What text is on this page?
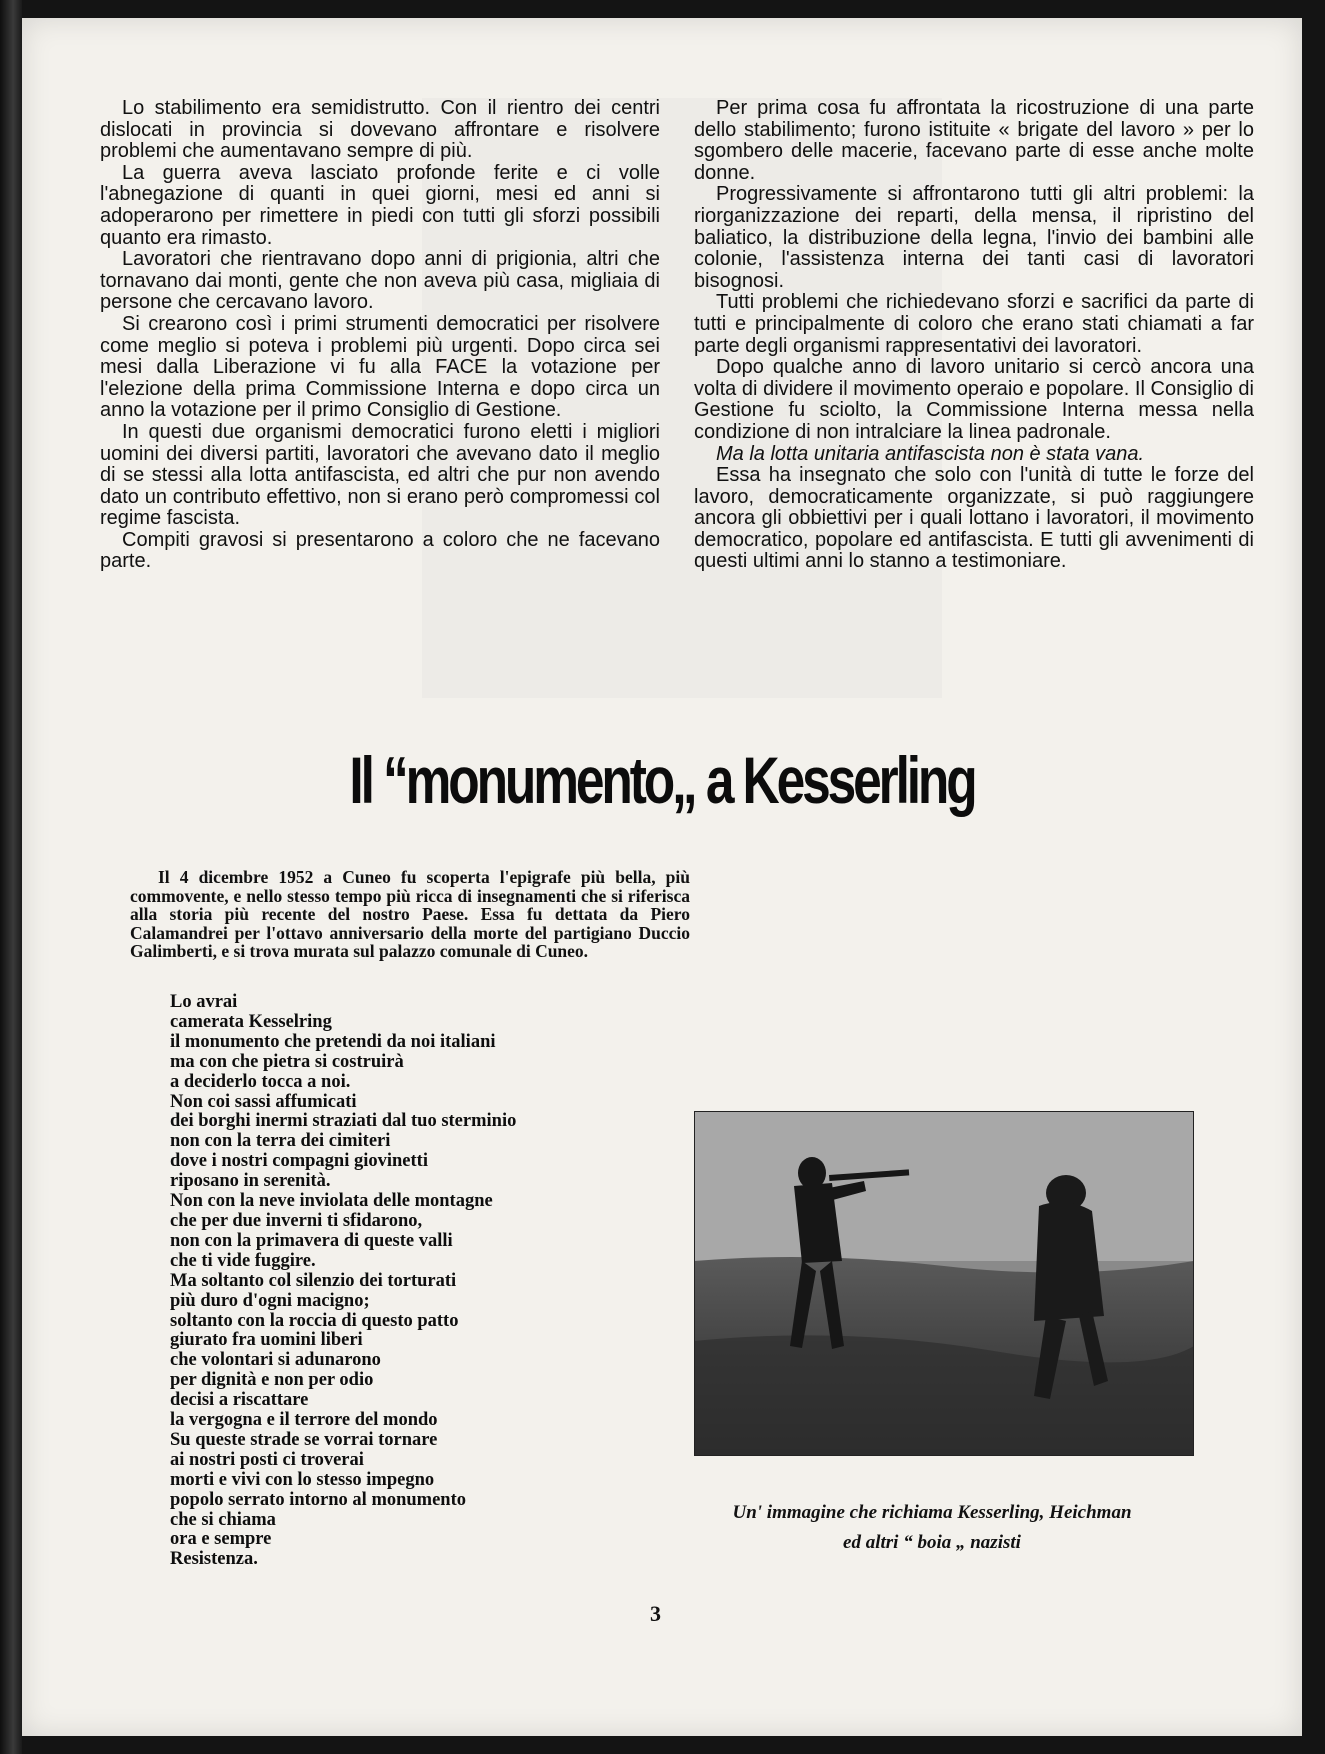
Lo stabilimento era semidistrutto. Con il rientro dei centri dislocati in provincia si dovevano affrontare e risolvere problemi che aumentavano sempre di più.

La guerra aveva lasciato profonde ferite e ci volle l'abnegazione di quanti in quei giorni, mesi ed anni si adoperarono per rimettere in piedi con tutti gli sforzi possibili quanto era rimasto.

Lavoratori che rientravano dopo anni di prigionia, altri che tornavano dai monti, gente che non aveva più casa, migliaia di persone che cercavano lavoro.

Si crearono così i primi strumenti democratici per risolvere come meglio si poteva i problemi più urgenti. Dopo circa sei mesi dalla Liberazione vi fu alla FACE la votazione per l'elezione della prima Commissione Interna e dopo circa un anno la votazione per il primo Consiglio di Gestione.

In questi due organismi democratici furono eletti i migliori uomini dei diversi partiti, lavoratori che avevano dato il meglio di se stessi alla lotta antifascista, ed altri che pur non avendo dato un contributo effettivo, non si erano però compromessi col regime fascista.

Compiti gravosi si presentarono a coloro che ne facevano parte.

Per prima cosa fu affrontata la ricostruzione di una parte dello stabilimento; furono istituite « brigate del lavoro » per lo sgombero delle macerie, facevano parte di esse anche molte donne.

Progressivamente si affrontarono tutti gli altri problemi: la riorganizzazione dei reparti, della mensa, il ripristino del baliatico, la distribuzione della legna, l'invio dei bambini alle colonie, l'assistenza interna dei tanti casi di lavoratori bisognosi.

Tutti problemi che richiedevano sforzi e sacrifici da parte di tutti e principalmente di coloro che erano stati chiamati a far parte degli organismi rappresentativi dei lavoratori.

Dopo qualche anno di lavoro unitario si cercò ancora una volta di dividere il movimento operaio e popolare. Il Consiglio di Gestione fu sciolto, la Commissione Interna messa nella condizione di non intralciare la linea padronale.

Ma la lotta unitaria antifascista non è stata vana.

Essa ha insegnato che solo con l'unità di tutte le forze del lavoro, democraticamente organizzate, si può raggiungere ancora gli obbiettivi per i quali lottano i lavoratori, il movimento democratico, popolare ed antifascista. E tutti gli avvenimenti di questi ultimi anni lo stanno a testimoniare.

Il “monumento„ a Kesserling
Il 4 dicembre 1952 a Cuneo fu scoperta l'epigrafe più bella, più commovente, e nello stesso tempo più ricca di insegnamenti che si riferisca alla storia più recente del nostro Paese. Essa fu dettata da Piero Calamandrei per l'ottavo anniversario della morte del partigiano Duccio Galimberti, e si trova murata sul palazzo comunale di Cuneo.
Lo avrai
camerata Kesselring
il monumento che pretendi da noi italiani
ma con che pietra si costruirà
a deciderlo tocca a noi.
Non coi sassi affumicati
dei borghi inermi straziati dal tuo sterminio
non con la terra dei cimiteri
dove i nostri compagni giovinetti
riposano in serenità.
Non con la neve inviolata delle montagne
che per due inverni ti sfidarono,
non con la primavera di queste valli
che ti vide fuggire.
Ma soltanto col silenzio dei torturati
più duro d'ogni macigno;
soltanto con la roccia di questo patto
giurato fra uomini liberi
che volontari si adunarono
per dignità e non per odio
decisi a riscattare
la vergogna e il terrore del mondo
Su queste strade se vorrai tornare
ai nostri posti ci troverai
morti e vivi con lo stesso impegno
popolo serrato intorno al monumento
che si chiama
ora e sempre
Resistenza.
Un' immagine che richiama Kesserling, Heichman
ed altri “ boia „ nazisti
3
